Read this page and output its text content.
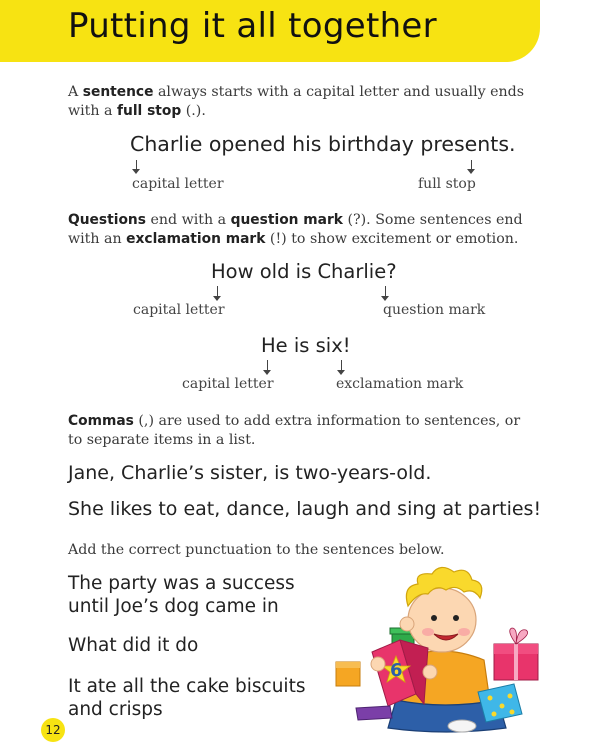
Putting it all together
A sentence always starts with a capital letter and usually ends with a full stop (.).
Charlie opened his birthday presents.
capital letter	full stop
Questions end with a question mark (?). Some sentences end with an exclamation mark (!) to show excitement or emotion.
How old is Charlie?
capital letter	question mark
He is six!
capital letter	exclamation mark
Commas (,) are used to add extra information to sentences, or to separate items in a list.
Jane, Charlie’s sister, is two-years-old.
She likes to eat, dance, laugh and sing at parties!
Add the correct punctuation to the sentences below.
The party was a success
until Joe’s dog came in
What did it do
It ate all the cake biscuits
and crisps
12
6
